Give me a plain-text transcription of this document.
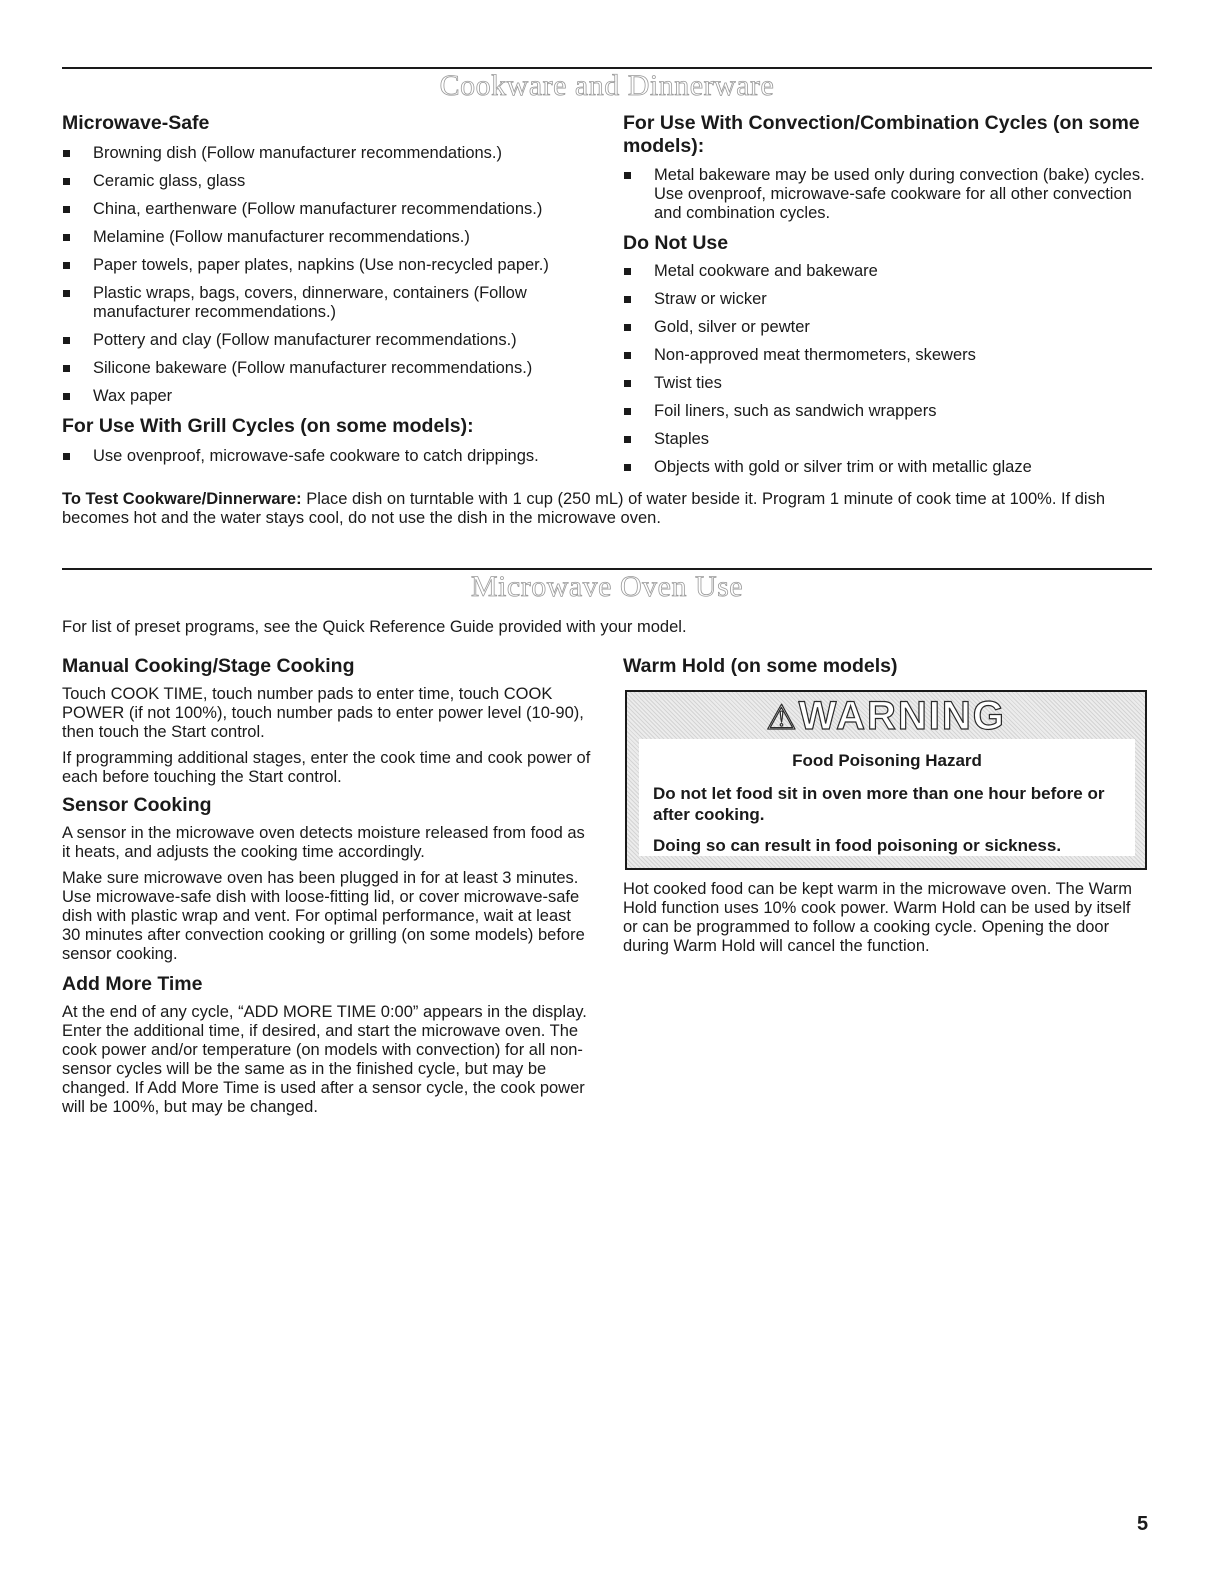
Cookware and Dinnerware
Microwave-Safe
Browning dish (Follow manufacturer recommendations.)
Ceramic glass, glass
China, earthenware (Follow manufacturer recommendations.)
Melamine (Follow manufacturer recommendations.)
Paper towels, paper plates, napkins (Use non-recycled paper.)
Plastic wraps, bags, covers, dinnerware, containers (Follow manufacturer recommendations.)
Pottery and clay (Follow manufacturer recommendations.)
Silicone bakeware (Follow manufacturer recommendations.)
Wax paper
For Use With Grill Cycles (on some models):
Use ovenproof, microwave-safe cookware to catch drippings.
For Use With Convection/Combination Cycles (on some models):
Metal bakeware may be used only during convection (bake) cycles. Use ovenproof, microwave-safe cookware for all other convection and combination cycles.
Do Not Use
Metal cookware and bakeware
Straw or wicker
Gold, silver or pewter
Non-approved meat thermometers, skewers
Twist ties
Foil liners, such as sandwich wrappers
Staples
Objects with gold or silver trim or with metallic glaze
To Test Cookware/Dinnerware: Place dish on turntable with 1 cup (250 mL) of water beside it. Program 1 minute of cook time at 100%. If dish becomes hot and the water stays cool, do not use the dish in the microwave oven.
Microwave Oven Use

For list of preset programs, see the Quick Reference Guide provided with your model.

Manual Cooking/Stage Cooking

Touch COOK TIME, touch number pads to enter time, touch COOK POWER (if not 100%), touch number pads to enter power level (10-90), then touch the Start control.

If programming additional stages, enter the cook time and cook power of each before touching the Start control.

Sensor Cooking

A sensor in the microwave oven detects moisture released from food as it heats, and adjusts the cooking time accordingly.

Make sure microwave oven has been plugged in for at least 3 minutes. Use microwave-safe dish with loose-fitting lid, or cover microwave-safe dish with plastic wrap and vent. For optimal performance, wait at least 30 minutes after convection cooking or grilling (on some models) before sensor cooking.

Add More Time

At the end of any cycle, “ADD MORE TIME 0:00” appears in the display. Enter the additional time, if desired, and start the microwave oven. The cook power and/or temperature (on models with convection) for all non-sensor cycles will be the same as in the finished cycle, but may be changed. If Add More Time is used after a sensor cycle, the cook power will be 100%, but may be changed.

Warm Hold (on some models)
⚠WARNING
Food Poisoning Hazard
Do not let food sit in oven more than one hour before or after cooking.
Doing so can result in food poisoning or sickness.

Hot cooked food can be kept warm in the microwave oven. The Warm Hold function uses 10% cook power. Warm Hold can be used by itself or can be programmed to follow a cooking cycle. Opening the door during Warm Hold will cancel the function.

5
